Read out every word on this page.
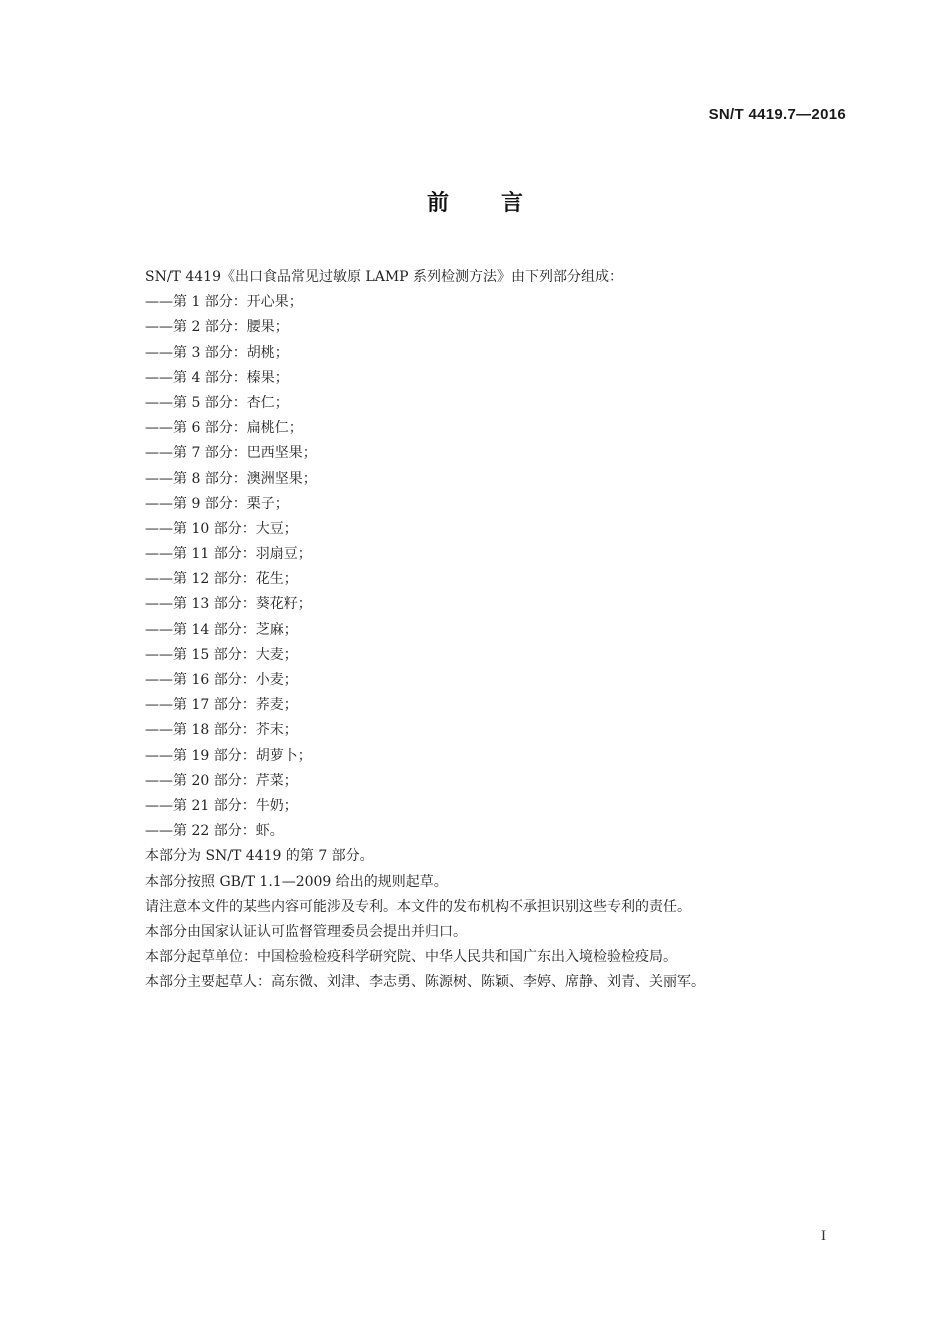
SN/T 4419.7—2016
前言
SN/T 4419《出口食品常见过敏原 LAMP 系列检测方法》由下列部分组成：
——第 1 部分：开心果；
——第 2 部分：腰果；
——第 3 部分：胡桃；
——第 4 部分：榛果；
——第 5 部分：杏仁；
——第 6 部分：扁桃仁；
——第 7 部分：巴西坚果；
——第 8 部分：澳洲坚果；
——第 9 部分：栗子；
——第 10 部分：大豆；
——第 11 部分：羽扇豆；
——第 12 部分：花生；
——第 13 部分：葵花籽；
——第 14 部分：芝麻；
——第 15 部分：大麦；
——第 16 部分：小麦；
——第 17 部分：荞麦；
——第 18 部分：芥末；
——第 19 部分：胡萝卜；
——第 20 部分：芹菜；
——第 21 部分：牛奶；
——第 22 部分：虾。
本部分为 SN/T 4419 的第 7 部分。
本部分按照 GB/T 1.1—2009 给出的规则起草。
请注意本文件的某些内容可能涉及专利。本文件的发布机构不承担识别这些专利的责任。
本部分由国家认证认可监督管理委员会提出并归口。
本部分起草单位：中国检验检疫科学研究院、中华人民共和国广东出入境检验检疫局。
本部分主要起草人：高东微、刘津、李志勇、陈源树、陈颖、李婷、席静、刘青、关丽军。
I
